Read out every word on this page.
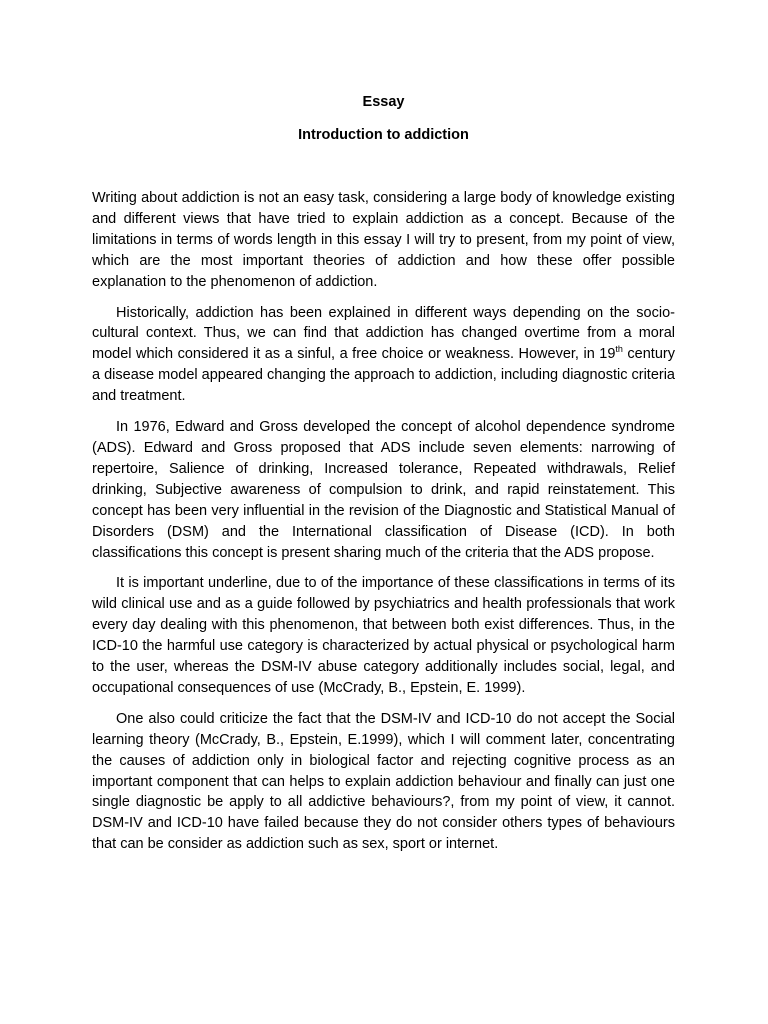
Essay

Introduction to addiction

Writing about addiction is not an easy task, considering a large body of knowledge existing and different views that have tried to explain addiction as a concept. Because of the limitations in terms of words length in this essay I will try to present, from my point of view, which are the most important theories of addiction and how these offer possible explanation to the phenomenon of addiction.

Historically, addiction has been explained in different ways depending on the socio- cultural context. Thus, we can find that addiction has changed overtime from a moral model which considered it as a sinful, a free choice or weakness. However, in 19th century a disease model appeared changing the approach to addiction, including diagnostic criteria and treatment.

In 1976, Edward and Gross developed the concept of alcohol dependence syndrome (ADS). Edward and Gross proposed that ADS include seven elements: narrowing of repertoire, Salience of drinking, Increased tolerance, Repeated withdrawals, Relief drinking, Subjective awareness of compulsion to drink, and rapid reinstatement. This concept has been very influential in the revision of the Diagnostic and Statistical Manual of Disorders (DSM) and the International classification of Disease (ICD). In both classifications this concept is present sharing much of the criteria that the ADS propose.

It is important underline, due to of the importance of these classifications in terms of its wild clinical use and as a guide followed by psychiatrics and health professionals that work every day dealing with this phenomenon, that between both exist differences. Thus, in the ICD-10 the harmful use category is characterized by actual physical or psychological harm to the user, whereas the DSM-IV abuse category additionally includes social, legal, and occupational consequences of use (McCrady, B., Epstein, E. 1999).

One also could criticize the fact that the DSM-IV and ICD-10 do not accept the Social learning theory (McCrady, B., Epstein, E.1999), which I will comment later, concentrating the causes of addiction only in biological factor and rejecting cognitive process as an important component that can helps to explain addiction behaviour and finally can just one single diagnostic be apply to all addictive behaviours?, from my point of view, it cannot. DSM-IV and ICD-10 have failed because they do not consider others types of behaviours that can be consider as addiction such as sex, sport or internet.
